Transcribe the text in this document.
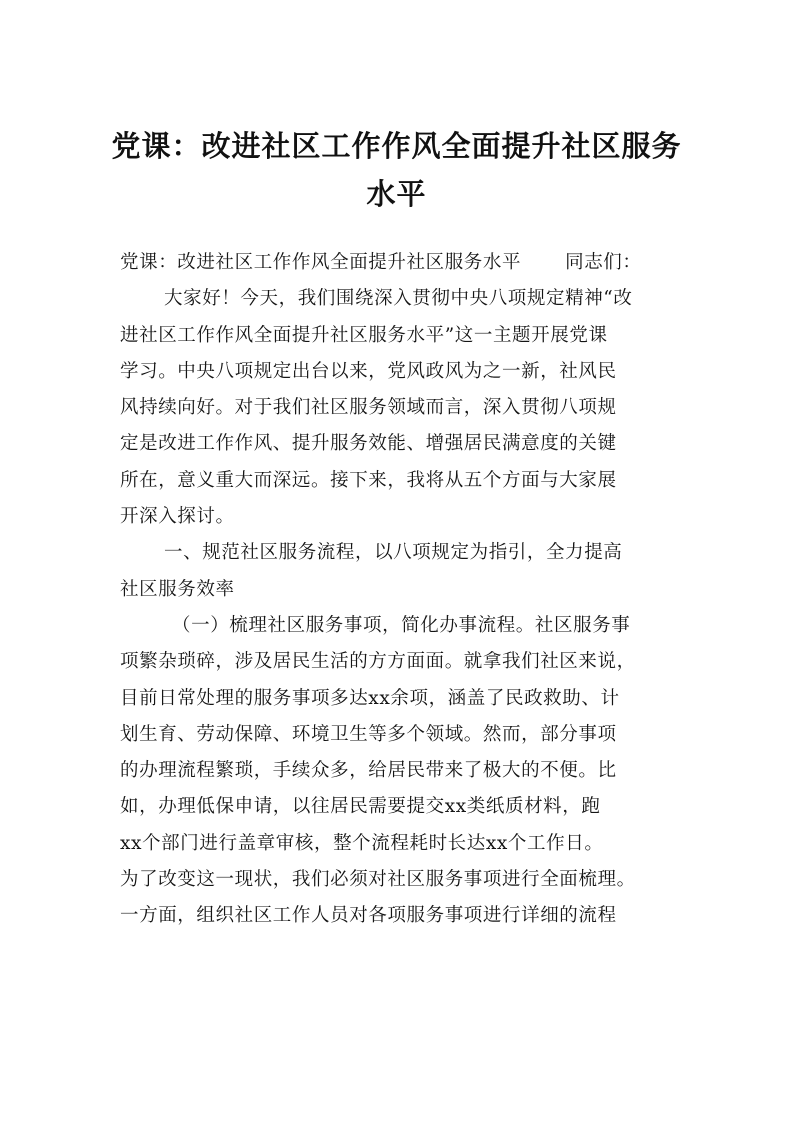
党课：改进社区工作作风全面提升社区服务
水平
党课：改进社区工作作风全面提升社区服务水平 同志们：
大家好！今天，我们围绕深入贯彻中央八项规定精神“改
进社区工作作风全面提升社区服务水平”这一主题开展党课
学习。中央八项规定出台以来，党风政风为之一新，社风民
风持续向好。对于我们社区服务领域而言，深入贯彻八项规
定是改进工作作风、提升服务效能、增强居民满意度的关键
所在，意义重大而深远。接下来，我将从五个方面与大家展
开深入探讨。
一、规范社区服务流程，以八项规定为指引，全力提高
社区服务效率
（一）梳理社区服务事项，简化办事流程。社区服务事
项繁杂琐碎，涉及居民生活的方方面面。就拿我们社区来说，
目前日常处理的服务事项多达xx余项，涵盖了民政救助、计
划生育、劳动保障、环境卫生等多个领域。然而，部分事项
的办理流程繁琐，手续众多，给居民带来了极大的不便。比
如，办理低保申请，以往居民需要提交xx类纸质材料，跑
xx个部门进行盖章审核，整个流程耗时长达xx个工作日。
为了改变这一现状，我们必须对社区服务事项进行全面梳理。
一方面，组织社区工作人员对各项服务事项进行详细的流程
